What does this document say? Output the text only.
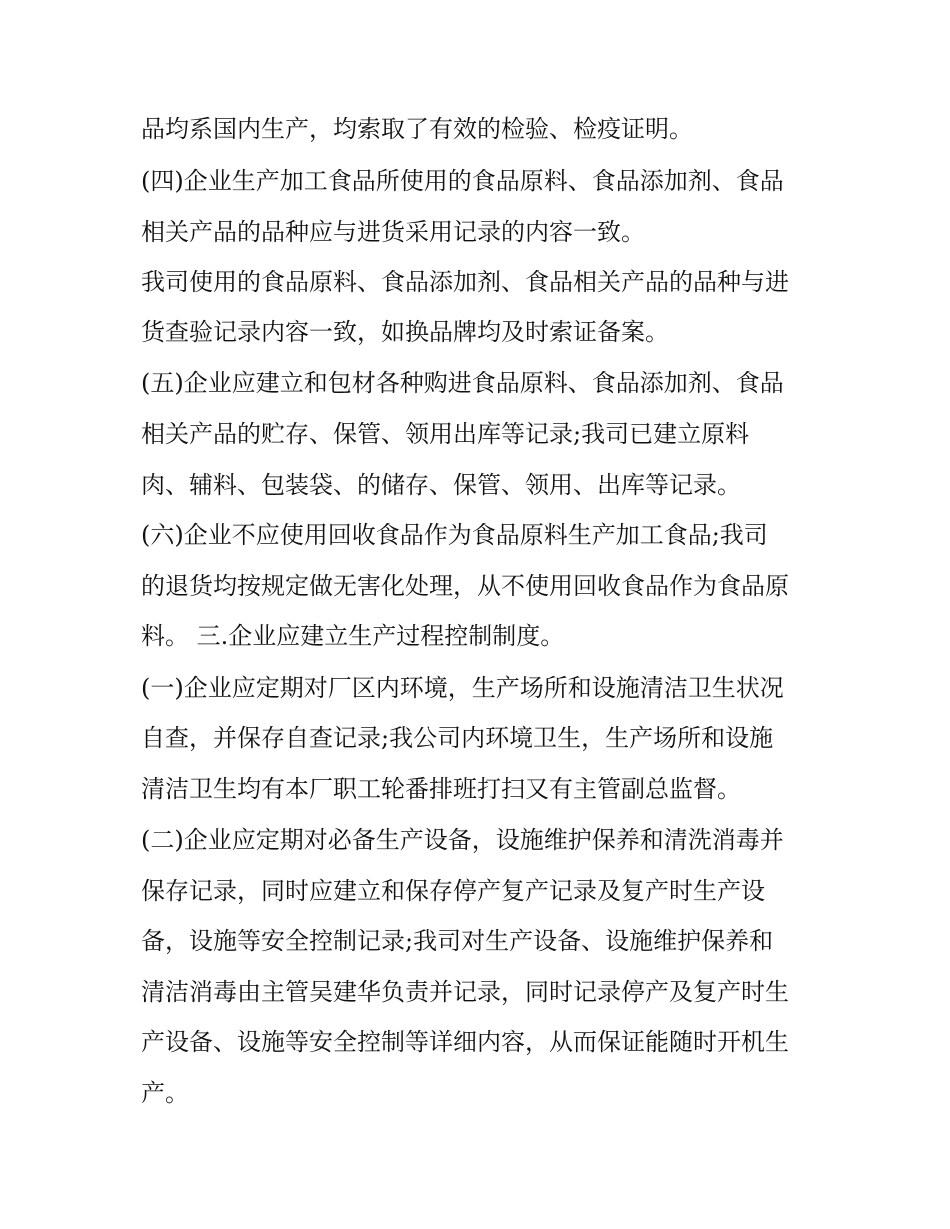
品均系国内生产，均索取了有效的检验、检疫证明。
(四)企业生产加工食品所使用的食品原料、食品添加剂、食品
相关产品的品种应与进货采用记录的内容一致。
我司使用的食品原料、食品添加剂、食品相关产品的品种与进
货查验记录内容一致，如换品牌均及时索证备案。
(五)企业应建立和包材各种购进食品原料、食品添加剂、食品
相关产品的贮存、保管、领用出库等记录;我司已建立原料
肉、辅料、包装袋、的储存、保管、领用、出库等记录。
(六)企业不应使用回收食品作为食品原料生产加工食品;我司
的退货均按规定做无害化处理，从不使用回收食品作为食品原
料。 三.企业应建立生产过程控制制度。
(一)企业应定期对厂区内环境，生产场所和设施清洁卫生状况
自查，并保存自查记录;我公司内环境卫生，生产场所和设施
清洁卫生均有本厂职工轮番排班打扫又有主管副总监督。
(二)企业应定期对必备生产设备，设施维护保养和清洗消毒并
保存记录，同时应建立和保存停产复产记录及复产时生产设
备，设施等安全控制记录;我司对生产设备、设施维护保养和
清洁消毒由主管吴建华负责并记录，同时记录停产及复产时生
产设备、设施等安全控制等详细内容，从而保证能随时开机生
产。
